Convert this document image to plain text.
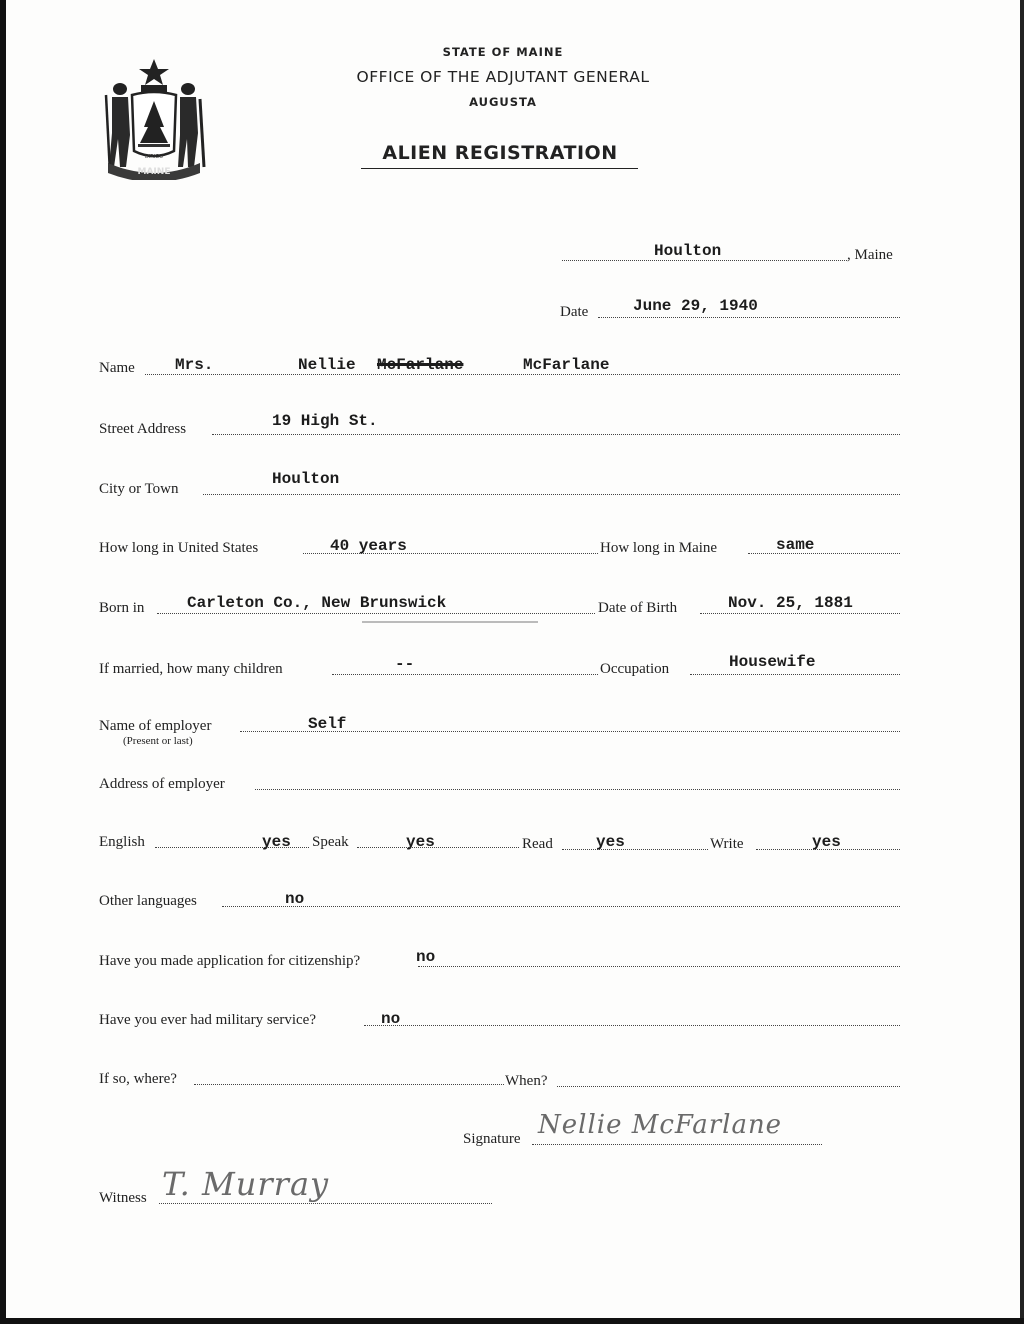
MAINE
DIRIGO
STATE OF MAINE
OFFICE OF THE ADJUTANT GENERAL
AUGUSTA
ALIEN REGISTRATION
Houlton	, Maine
Date	June 29, 1940
Name	Mrs.	Nellie McFarlane	McFarlane
Street Address	19 High St.
City or Town
Houlton
How long in United States	40 years	How long in Maine	same
Born in	Carleton Co., New Brunswick	Date of Birth	Nov. 25, 1881
If married, how many children	--	Occupation	Housewife
Name of employer
(Present or last)
Self
Address of employer
English	yes Speak	yes	Read	yes	Write	yes
Other languages	no
Have you made application for citizenship?	no
Have you ever had military service?	no
If so, where?	When?
Signature Nellie McFarlane
Witness T. Murray
